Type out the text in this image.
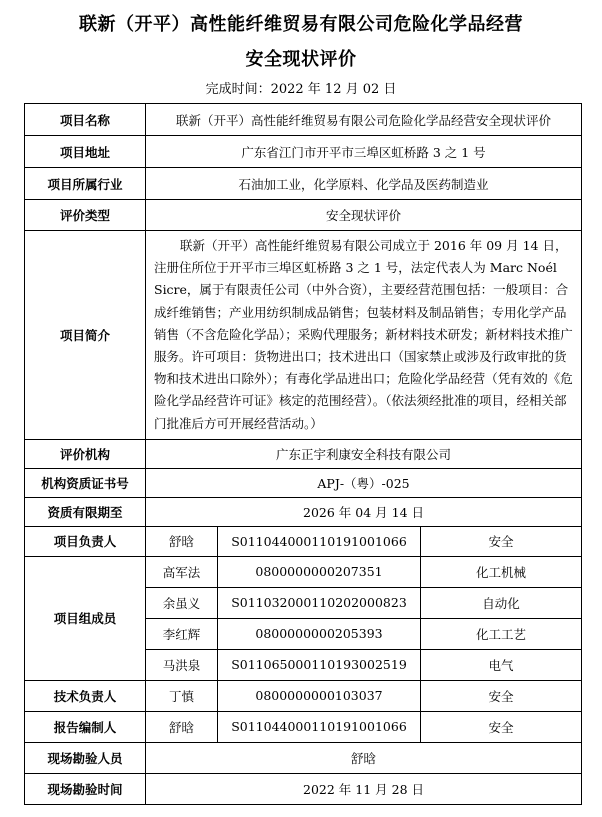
联新（开平）高性能纤维贸易有限公司危险化学品经营
安全现状评价
完成时间：2022 年 12 月 02 日
项目名称	联新（开平）高性能纤维贸易有限公司危险化学品经营安全现状评价		
项目地址	广东省江门市开平市三埠区虹桥路 3 之 1 号		
项目所属行业	石油加工业，化学原料、化学品及医药制造业		
评价类型	安全现状评价		
项目简介	联新（开平）高性能纤维贸易有限公司成立于 2016 年 09 月 14 日，注册住所位于开平市三埠区虹桥路 3 之 1 号，法定代表人为 Marc Noél Sicre，属于有限责任公司（中外合资），主要经营范围包括：一般项目：合成纤维销售；产业用纺织制成品销售；包装材料及制品销售；专用化学产品销售（不含危险化学品）；采购代理服务；新材料技术研发；新材料技术推广服务。许可项目：货物进出口；技术进出口（国家禁止或涉及行政审批的货物和技术进出口除外）；有毒化学品进出口；危险化学品经营（凭有效的《危险化学品经营许可证》核定的范围经营）。（依法须经批准的项目，经相关部门批准后方可开展经营活动。）		
评价机构	广东正宇利康安全科技有限公司		
机构资质证书号	APJ-（粤）-025		
资质有限期至	2026 年 04 月 14 日		
项目负责人	舒晗	S011044000110191001066	安全
项目组成员	高军法	0800000000207351	化工机械
	余虽义	S011032000110202000823	自动化
	李红辉	0800000000205393	化工工艺
	马洪泉	S011065000110193002519	电气
技术负责人	丁慎	0800000000103037	安全
报告编制人	舒晗	S011044000110191001066	安全
现场勘验人员	舒晗		
现场勘验时间	2022 年 11 月 28 日		
